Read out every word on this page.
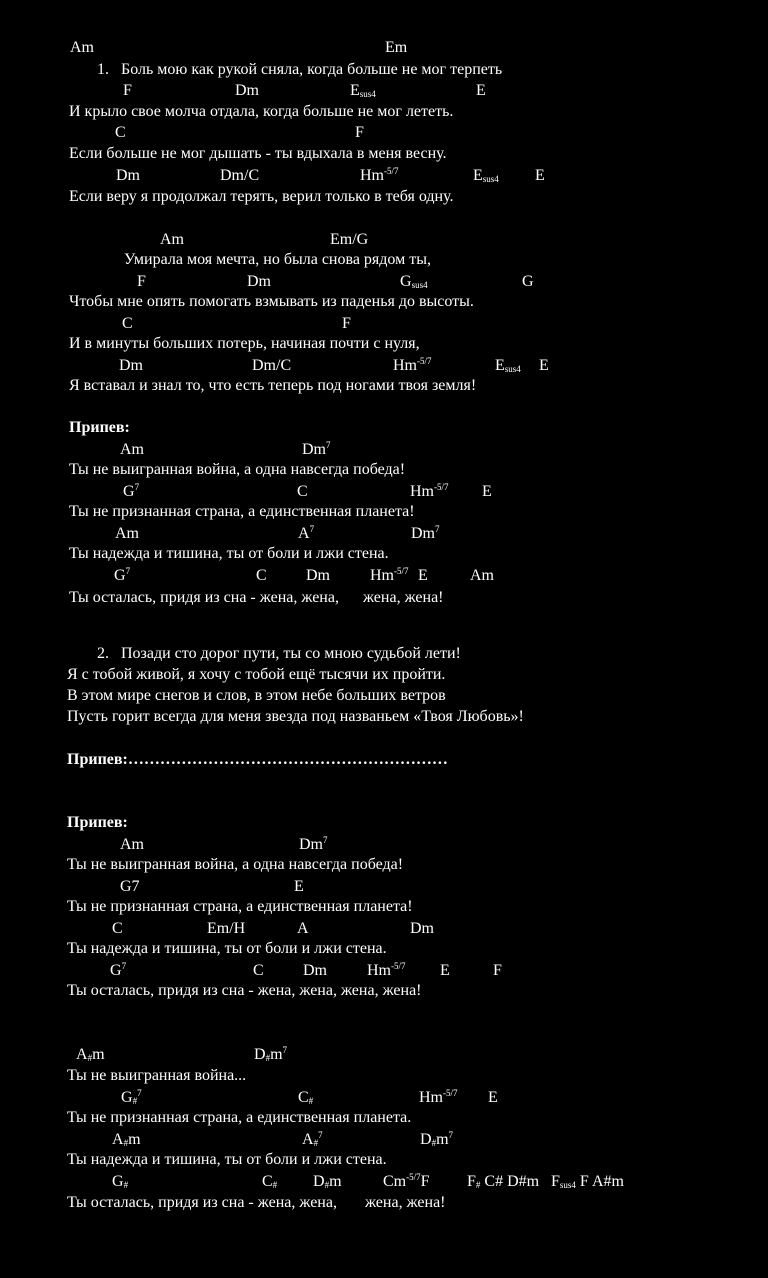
Am	Em
1.   Боль мою как рукой сняла, когда больше не мог терпеть
F	Dm	$E_{sus4}$	E
И крыло свое молча отдала, когда больше не мог лететь.
C	F
Если больше не мог дышать - ты вдыхала в меня весну.
Dm	Dm/C	$Hm^{-5/7}$	$E_{sus4}$ E
Если веру я продолжал терять, верил только в тебя одну.
Am	Em/G
Умирала моя мечта, но была снова рядом ты,
F	Dm	$G_{sus4}$	G
Чтобы мне опять помогать взмывать из паденья до высоты.
C	F
И в минуты больших потерь, начиная почти с нуля,
Dm	Dm/C	$Hm^{-5/7}$	$E_{sus4}$ E
Я вставал и знал то, что есть теперь под ногами твоя земля!
Припев:
Am	Dm$^7$
Ты не выигранная война, а одна навсегда победа!
$G^7$	C	$Hm^{-5/7}$ E
Ты не признанная страна, а единственная планета!
Am	$A^7$	Dm$^7$
Ты надежда и тишина, ты от боли и лжи стена.
$G^7$	C Dm	$Hm^{-5/7}$ E	Am
Ты осталась, придя из сна - жена, жена,      жена, жена!
2.   Позади сто дорог пути, ты со мною судьбой лети!
Я с тобой живой, я хочу с тобой ещё тысячи их пройти.
В этом мире снегов и слов, в этом небе больших ветров
Пусть горит всегда для меня звезда под названьем «Твоя Любовь»!
Припев:……………………………………………………
Припев:
Am	Dm$^7$
Ты не выигранная война, а одна навсегда победа!
G7	E
Ты не признанная страна, а единственная планета!
C	Em/H	A	Dm
Ты надежда и тишина, ты от боли и лжи стена.
$G^7$	C Dm	$Hm^{-5/7}$ E	F
Ты осталась, придя из сна - жена, жена, жена, жена!
$A_{\#}m$	$D_{\#}m^7$
Ты не выигранная война...
$G_{\#}^7$	$C_{\#}$	$Hm^{-5/7}$ E
Ты не признанная страна, а единственная планета.
$A_{\#}m$	$A_{\#}^7$	$D_{\#}m^7$
Ты надежда и тишина, ты от боли и лжи стена.
$G_{\#}$	$C_{\#}$ $D_{\#}m$	$Cm^{-5/7}F$ $F_{\#}$ C# D#m $F_{sus4}$ F A#m
Ты осталась, придя из сна - жена, жена,       жена, жена!
